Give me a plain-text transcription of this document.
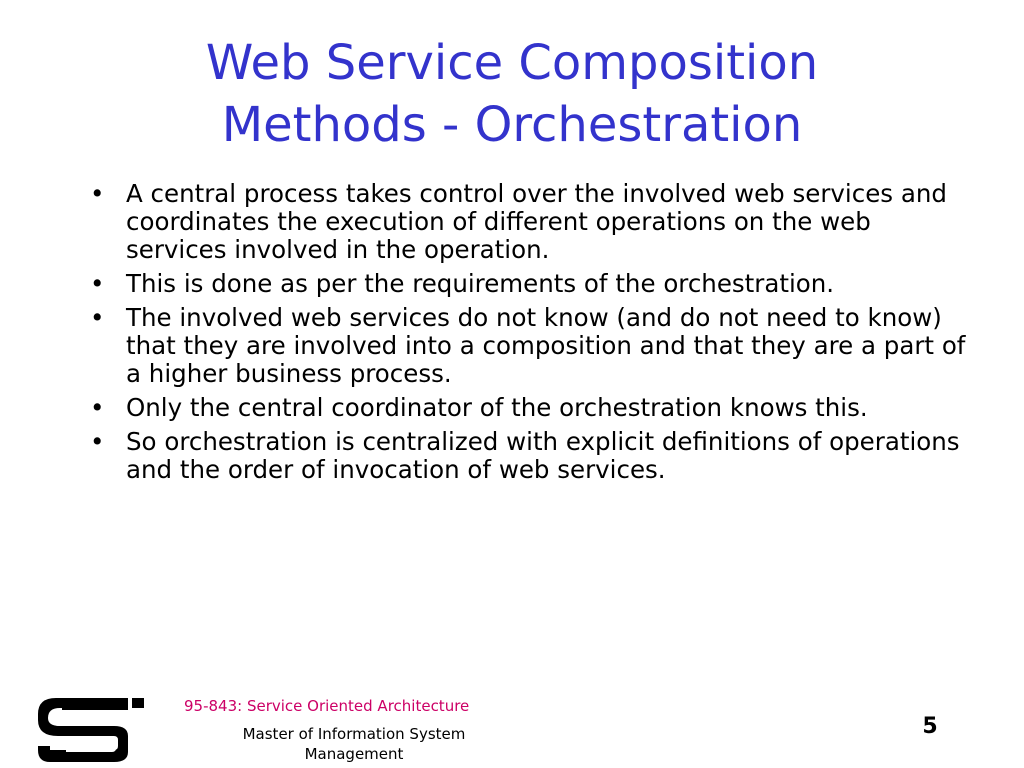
Web Service Composition
Methods - Orchestration
• A central process takes control over the involved web services and coordinates the execution of different operations on the web services involved in the operation.
• This is done as per the requirements of the orchestration.
• The involved web services do not know (and do not need to know) that they are involved into a composition and that they are a part of a higher business process.
• Only the central coordinator of the orchestration knows this.
• So orchestration is centralized with explicit definitions of operations and the order of invocation of web services.
95-843: Service Oriented Architecture
Master of Information System Management
5
